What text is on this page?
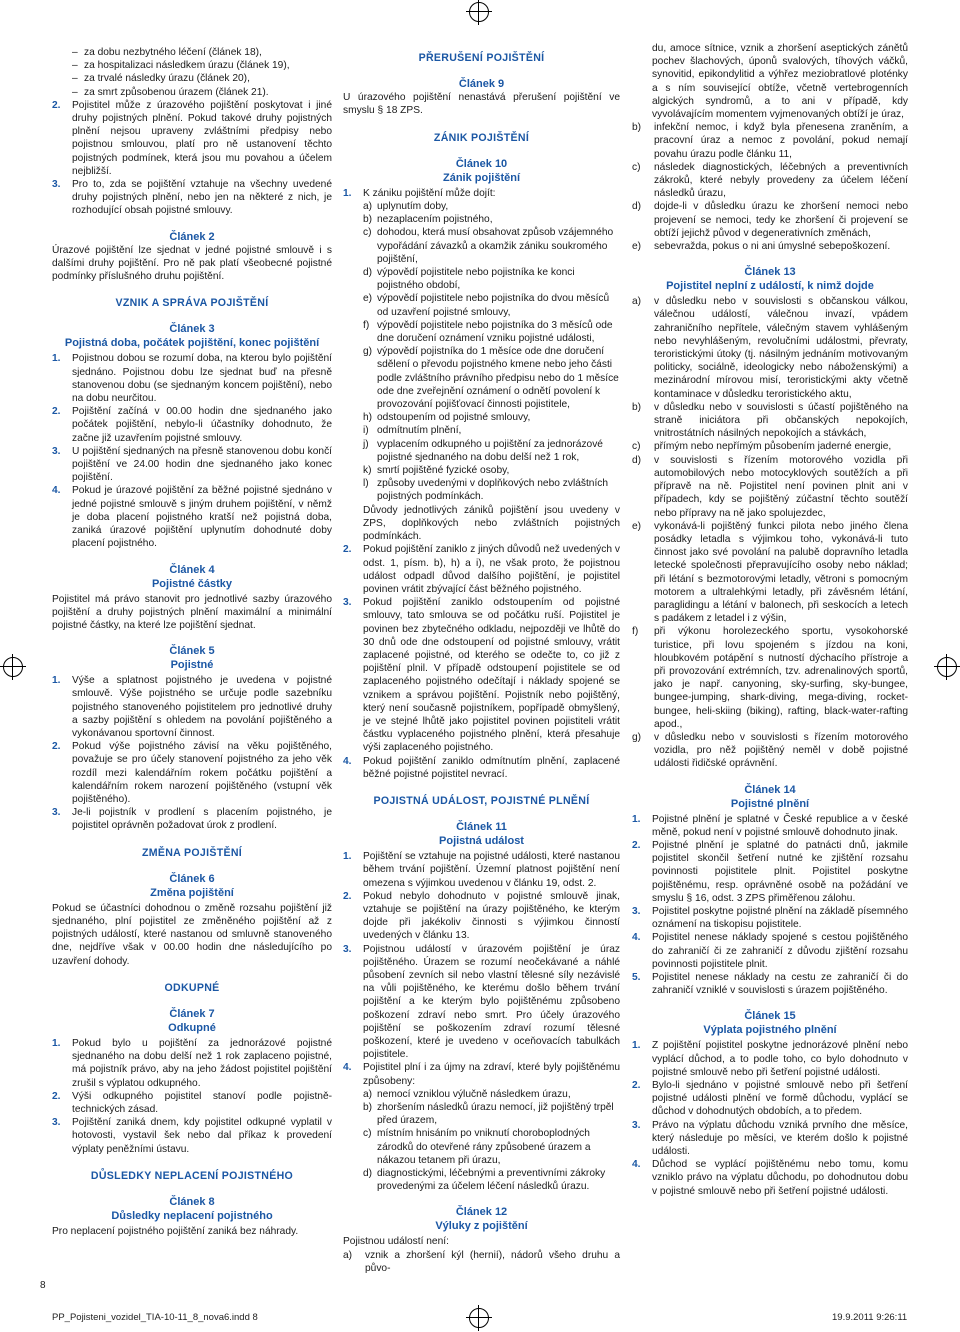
– za dobu nezbytného léčení (článek 18),
– za hospitalizaci následkem úrazu (článek 19),
– za trvalé následky úrazu (článek 20),
– za smrt způsobenou úrazem (článek 21).
2.	Pojistitel může z úrazového pojištění poskytovat i jiné druhy pojistných plnění. Pokud takové druhy pojistných plnění nejsou upraveny zvláštními předpisy nebo pojistnou smlouvou, platí pro ně ustanovení těchto pojistných podmínek, která jsou mu povahou a účelem nejbližší.
3.	Pro to, zda se pojištění vztahuje na všechny uvedené druhy pojistných plnění, nebo jen na některé z nich, je rozhodující obsah pojistné smlouvy.
Článek 2

Úrazové pojištění lze sjednat v jedné pojistné smlouvě i s dalšími druhy pojištění. Pro ně pak platí všeobecné pojistné podmínky příslušného druhu pojištění.

VZNIK A SPRÁVA POJIŠTĚNÍ
Článek 3
Pojistná doba, počátek pojištění, konec pojištění
1.	Pojistnou dobou se rozumí doba, na kterou bylo pojištění sjednáno. Pojistnou dobu lze sjednat buď na přesně stanovenou dobu (se sjednaným koncem pojištění), nebo na dobu neurčitou.
2.	Pojištění začíná v 00.00 hodin dne sjednaného jako počátek pojištění, nebylo-li účastníky dohodnuto, že začne již uzavřením pojistné smlouvy.
3.	U pojištění sjednaných na přesně stanovenou dobu končí pojištění ve 24.00 hodin dne sjednaného jako konec pojištění.
4.	Pokud je úrazové pojištění za běžné pojistné sjednáno v jedné pojistné smlouvě s jiným druhem pojištění, v němž je doba placení pojistného kratší než pojistná doba, zaniká úrazové pojištění uplynutím dohodnuté doby placení pojistného.
Článek 4
Pojistné částky

Pojistitel má právo stanovit pro jednotlivé sazby úrazového pojištění a druhy pojistných plnění maximální a minimální pojistné částky, na které lze pojištění sjednat.

Článek 5
Pojistné
1.	Výše a splatnost pojistného je uvedena v pojistné smlouvě. Výše pojistného se určuje podle sazebníku pojistného stanoveného pojistitelem pro jednotlivé druhy a sazby pojištění s ohledem na povolání pojištěného a vykonávanou sportovní činnost.
2.	Pokud výše pojistného závisí na věku pojištěného, považuje se pro účely stanovení pojistného za jeho věk rozdíl mezi kalendářním rokem počátku pojištění a kalendářním rokem narození pojištěného (vstupní věk pojištěného).
3.	Je-li pojistník v prodlení s placením pojistného, je pojistitel oprávněn požadovat úrok z prodlení.
ZMĚNA POJIŠTĚNÍ
Článek 6
Změna pojištění

Pokud se účastníci dohodnou o změně rozsahu pojištění již sjednaného, plní pojistitel ze změněného pojištění až z pojistných událostí, které nastanou od smluvně stanoveného dne, nejdříve však v 00.00 hodin dne následujícího po uzavření dohody.

ODKUPNÉ
Článek 7
Odkupné
1.	Pokud bylo u pojištění za jednorázové pojistné sjednaného na dobu delší než 1 rok zaplaceno pojistné, má pojistník právo, aby na jeho žádost pojistitel pojištění zrušil s výplatou odkupného.
2.	Výši odkupného pojistitel stanoví podle pojistně-technických zásad.
3.	Pojištění zaniká dnem, kdy pojistitel odkupné vyplatil v hotovosti, vystavil šek nebo dal příkaz k provedení výplaty peněžními ústavu.
DŮSLEDKY NEPLACENÍ POJISTNÉHO
Článek 8
Důsledky neplacení pojistného

Pro neplacení pojistného pojištění zaniká bez náhrady.

PŘERUŠENÍ POJIŠTĚNÍ
Článek 9

U úrazového pojištění nenastává přerušení pojištění ve smyslu § 18 ZPS.

ZÁNIK POJIŠTĚNÍ
Článek 10
Zánik pojištění
1.	K zániku pojištění může dojít:
a) uplynutím doby,
b) nezaplacením pojistného,
c) dohodou, která musí obsahovat způsob vzájemného vypořádání závazků a okamžik zániku soukromého pojištění,
d) výpovědí pojistitele nebo pojistníka ke konci pojistného období,
e) výpovědí pojistitele nebo pojistníka do dvou měsíců od uzavření pojistné smlouvy,
f) výpovědí pojistitele nebo pojistníka do 3 měsíců ode dne doručení oznámení vzniku pojistné události,
g) výpovědí pojistníka do 1 měsíce ode dne doručení sdělení o převodu pojistného kmene nebo jeho části podle zvláštního právního předpisu nebo do 1 měsíce ode dne zveřejnění oznámení o odnětí povolení k provozování pojišťovací činnosti pojistitele,
h) odstoupením od pojistné smlouvy,
i) odmítnutím plnění,
j) vyplacením odkupného u pojištění za jednorázové pojistné sjednaného na dobu delší než 1 rok,
k) smrtí pojištěné fyzické osoby,
l) způsoby uvedenými v doplňkových nebo zvláštních pojistných podmínkách.

Důvody jednotlivých zániků pojištění jsou uvedeny v ZPS, doplňkových nebo zvláštních pojistných podmínkách.

2.	Pokud pojištění zaniklo z jiných důvodů než uvedených v odst. 1, písm. b), h) a i), ne však proto, že pojistnou událost odpadl důvod dalšího pojištění, je pojistitel povinen vrátit zbývající část běžného pojistného.
3.	Pokud pojištění zaniklo odstoupením od pojistné smlouvy, tato smlouva se od počátku ruší. Pojistitel je povinen bez zbytečného odkladu, nejpozději ve lhůtě do 30 dnů ode dne odstoupení od pojistné smlouvy, vrátit zaplacené pojistné, od kterého se odečte to, co již z pojištění plnil. V případě odstoupení pojistitele se od zaplaceného pojistného odečítají i náklady spojené se vznikem a správou pojištění. Pojistník nebo pojištěný, který není současně pojistníkem, popřípadě obmyšlený, je ve stejné lhůtě jako pojistitel povinen pojistiteli vrátit částku vyplaceného pojistného plnění, která přesahuje výši zaplaceného pojistného.
4.	Pokud pojištění zaniklo odmítnutím plnění, zaplacené běžné pojistné pojistitel nevrací.
POJISTNÁ UDÁLOST, POJISTNÉ PLNĚNÍ
Článek 11
Pojistná událost
1.	Pojištění se vztahuje na pojistné události, které nastanou během trvání pojištění. Územní platnost pojištění není omezena s výjimkou uvedenou v článku 19, odst. 2.
2.	Pokud nebylo dohodnuto v pojistné smlouvě jinak, vztahuje se pojištění na úrazy pojištěného, ke kterým dojde při jakékoliv činnosti s výjimkou činností uvedených v článku 13.
3.	Pojistnou událostí v úrazovém pojištění je úraz pojištěného. Úrazem se rozumí neočekávané a náhlé působení zevních sil nebo vlastní tělesné síly nezávislé na vůli pojištěného, ke kterému došlo během trvání pojištění a ke kterým bylo pojištěnému způsobeno poškození zdraví nebo smrt. Pro účely úrazového pojištění se poškozením zdraví rozumí tělesné poškození, které je uvedeno v oceňovacích tabulkách pojistitele.
4.	Pojistitel plní i za újmy na zdraví, které byly pojištěnému způsobeny:
a) nemocí vzniklou výlučně následkem úrazu,
b) zhoršením následků úrazu nemocí, již pojištěný trpěl před úrazem,
c) místním hnisáním po vniknutí choroboplodných zárodků do otevřené rány způsobené úrazem a nákazou tetanem při úrazu,
d) diagnostickými, léčebnými a preventivními zákroky provedenými za účelem léčení následků úrazu.
Článek 12
Výluky z pojištění

Pojistnou událostí není:

a)	vznik a zhoršení kýl (hernií), nádorů všeho druhu a půvo-

du, amoce sítnice, vznik a zhoršení aseptických zánětů pochev šlachových, úponů svalových, tíhových váčků, synovitid, epikondylitid a výhřez meziobratlové ploténky a s ním související obtíže, včetně vertebrogenních algických syndromů, a to ani v případě, kdy vyvolávajícím momentem vyjmenovaných obtíží je úraz,

b)	infekční nemoc, i když byla přenesena zraněním, a pracovní úraz a nemoc z povolání, pokud nemají povahu úrazu podle článku 11,
c)	následek diagnostických, léčebných a preventivních zákroků, které nebyly provedeny za účelem léčení následků úrazu,
d)	dojde-li v důsledku úrazu ke zhoršení nemoci nebo projevení se nemoci, tedy ke zhoršení či projevení se obtíží jejichž původ v degenerativních změnách,
e)	sebevražda, pokus o ni ani úmyslné sebepoškození.
Článek 13
Pojistitel neplní z událostí, k nimž dojde
a)	v důsledku nebo v souvislosti s občanskou válkou, válečnou událostí, válečnou invazí, vpádem zahraničního nepřítele, válečným stavem vyhlášeným nebo nevyhlášeným, revolučními událostmi, převraty, teroristickými útoky (tj. násilným jednáním motivovaným politicky, sociálně, ideologicky nebo náboženskými) a mezinárodní mírovou misí, teroristickými akty včetně kontaminace v důsledku teroristického aktu,
b)	v důsledku nebo v souvislosti s účastí pojištěného na straně iniciátora při občanských nepokojích, vnitrostátních násilných nepokojích a stávkách,
c)	přímým nebo nepřímým působením jaderné energie,
d)	v souvislosti s řízením motorového vozidla při automobilových nebo motocyklových soutěžích a při přípravě na ně. Pojistitel není povinen plnit ani v případech, kdy se pojištěný zúčastní těchto soutěží nebo přípravy na ně jako spolujezdec,
e)	vykonává-li pojištěný funkci pilota nebo jiného člena posádky letadla s výjimkou toho, vykonává-li tuto činnost jako své povolání na palubě dopravního letadla letecké společnosti přepravujícího osoby nebo náklad; při létání s bezmotorovými letadly, větroni s pomocným motorem a ultralehkými letadly, při závěsném létání, paraglidingu a létání v balonech, při seskocích a letech s padákem z letadel i z výšin,
f)	při výkonu horolezeckého sportu, vysokohorské turistice, při lovu spojeném s jízdou na koni, hloubkovém potápění s nutností dýchacího přístroje a při provozování extrémních, tzv. adrenalinových sportů, jako je např. canyoning, sky-surfing, sky-bungee, bungee-jumping, shark-diving, mega-diving, rocket-bungee, heli-skiing (biking), rafting, black-water-rafting apod.,
g)	v důsledku nebo v souvislosti s řízením motorového vozidla, pro něž pojištěný neměl v době pojistné události řidičské oprávnění.
Článek 14
Pojistné plnění
1.	Pojistné plnění je splatné v České republice a v české měně, pokud není v pojistné smlouvě dohodnuto jinak.
2.	Pojistné plnění je splatné do patnácti dnů, jakmile pojistitel skončil šetření nutné ke zjištění rozsahu povinnosti pojistitele plnit. Pojistitel poskytne pojištěnému, resp. oprávněné osobě na požádání ve smyslu § 16, odst. 3 ZPS přiměřenou zálohu.
3.	Pojistitel poskytne pojistné plnění na základě písemného oznámení na tiskopisu pojistitele.
4.	Pojistitel nenese náklady spojené s cestou pojištěného do zahraničí či ze zahraničí z důvodu zjištění rozsahu povinnosti pojistitele plnit.
5.	Pojistitel nenese náklady na cestu ze zahraničí či do zahraničí vzniklé v souvislosti s úrazem pojištěného.
Článek 15
Výplata pojistného plnění
1.	Z pojištění pojistitel poskytne jednorázové plnění nebo vyplácí důchod, a to podle toho, co bylo dohodnuto v pojistné smlouvě nebo při šetření pojistné události.
2.	Bylo-li sjednáno v pojistné smlouvě nebo při šetření pojistné události plnění ve formě důchodu, vyplácí se důchod v dohodnutých obdobích, a to předem.
3.	Právo na výplatu důchodu vzniká prvního dne měsíce, který následuje po měsíci, ve kterém došlo k pojistné události.
4.	Důchod se vyplácí pojištěnému nebo tomu, komu vzniklo právo na výplatu důchodu, po dohodnutou dobu v pojistné smlouvě nebo při šetření pojistné události.
8
PP_Pojisteni_vozidel_TIA-10-11_8_nova6.indd 8	19.9.2011 9:26:11
